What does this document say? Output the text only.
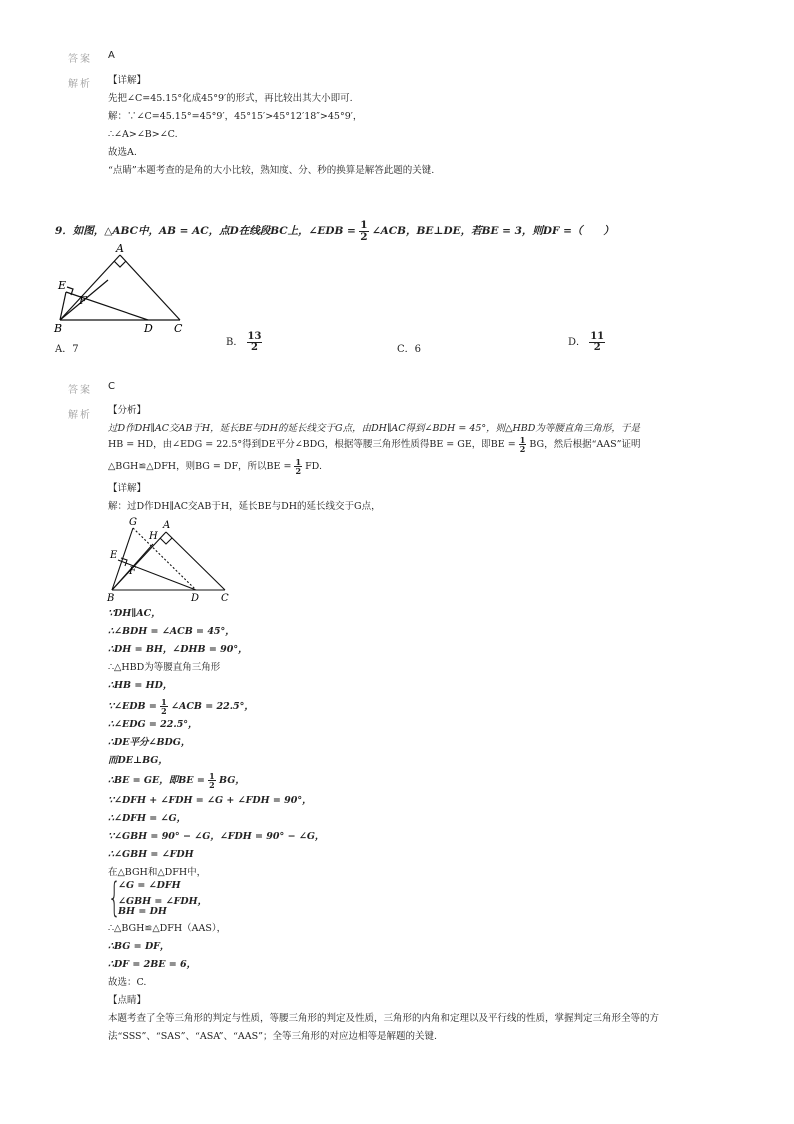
答案 A
解析 【详解】
先把∠C=45.15°化成45°9′的形式，再比较出其大小即可.
解：∵∠C=45.15°=45°9′，45°15′>45°12′18″>45°9′，
∴∠A>∠B>∠C.
故选A.
“点睛”本题考查的是角的大小比较，熟知度、分、秒的换算是解答此题的关键.
9．如图，△ABC中，AB = AC，点D在线段BC上，∠EDB = $\frac{1}{2}$ ∠ACB，BE⊥DE，若BE = 3，则DF =（　　）
A
E
F
B	D C
A．7
B． $\frac{13}{2}$	C．6
D． $\frac{11}{2}$
答案 C
解析 【分析】
过D作DH∥AC交AB于H，延长BE与DH的延长线交于G点，由DH∥AC得到∠BDH = 45°，则△HBD为等腰直角三角形，于是
HB = HD，由∠EDG = 22.5°得到DE平分∠BDG，根据等腰三角形性质得BE = GE，即BE = $\frac{1}{2}$ BG，然后根据“AAS”证明
△BGH≌△DFH，则BG = DF，所以BE = $\frac{1}{2}$ FD.
【详解】
解：过D作DH∥AC交AB于H，延长BE与DH的延长线交于G点，
G	A
H
E
F
B	D C
∵DH∥AC，
∴∠BDH = ∠ACB = 45°，
∴DH = BH，∠DHB = 90°，
∴△HBD为等腰直角三角形
∴HB = HD，
∵∠EDB = $\frac{1}{2}$ ∠ACB = 22.5°，
∴∠EDG = 22.5°，
∴DE平分∠BDG，
而DE⊥BG，
∴BE = GE，即BE = $\frac{1}{2}$ BG，
∵∠DFH + ∠FDH = ∠G + ∠FDH = 90°，
∴∠DFH = ∠G，
∵∠GBH = 90° − ∠G，∠FDH = 90° − ∠G，
∴∠GBH = ∠FDH
在△BGH和△DFH中，
{
∠G = ∠DFH
∠GBH = ∠FDH，
BH = DH
∴△BGH≌△DFH（AAS），
∴BG = DF，
∴DF = 2BE = 6，
故选：C.
【点睛】
本题考查了全等三角形的判定与性质，等腰三角形的判定及性质，三角形的内角和定理以及平行线的性质，掌握判定三角形全等的方
法“SSS”、“SAS”、“ASA”、“AAS”；全等三角形的对应边相等是解题的关键.
